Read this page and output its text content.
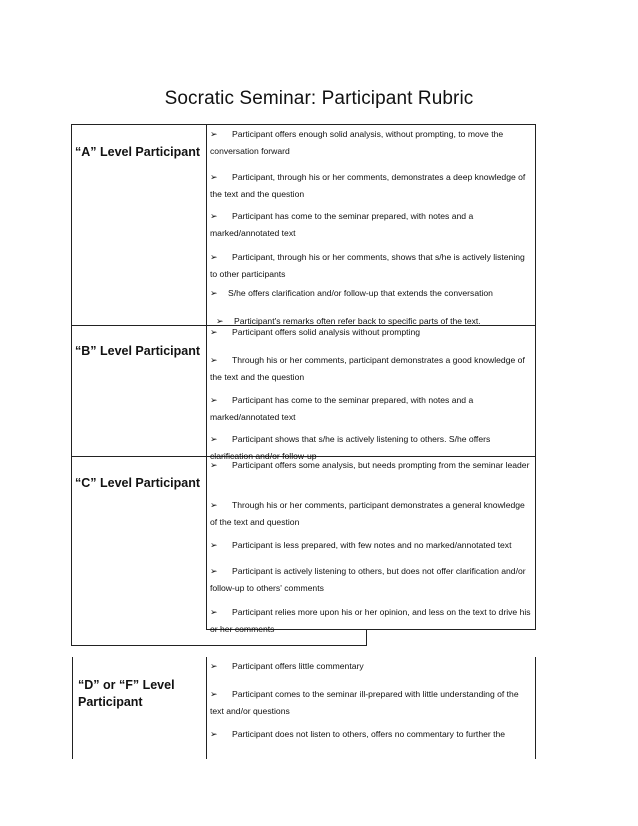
Socratic Seminar: Participant Rubric
“A” Level Participant
“B” Level Participant
“C” Level Participant
“D” or “F” Level Participant
➢ Participant offers enough solid analysis, without prompting, to move the conversation forward
➢ Participant, through his or her comments, demonstrates a deep knowledge of the text and the question
➢ Participant has come to the seminar prepared, with notes and a marked/annotated text
➢ Participant, through his or her comments, shows that s/he is actively listening to other participants
➢ S/he offers clarification and/or follow-up that extends the conversation
➢ Participant's remarks often refer back to specific parts of the text.
➢ Participant offers solid analysis without prompting
➢ Through his or her comments, participant demonstrates a good knowledge of the text and the question
➢ Participant has come to the seminar prepared, with notes and a marked/annotated text
➢ Participant shows that s/he is actively listening to others. S/he offers clarification and/or follow-up
➢ Participant offers some analysis, but needs prompting from the seminar leader
➢ Through his or her comments, participant demonstrates a general knowledge of the text and question
➢ Participant is less prepared, with few notes and no marked/annotated text
➢ Participant is actively listening to others, but does not offer clarification and/or follow-up to others' comments
➢ Participant relies more upon his or her opinion, and less on the text to drive his or her comments
➢ Participant offers little commentary
➢ Participant comes to the seminar ill-prepared with little understanding of the text and/or questions
➢ Participant does not listen to others, offers no commentary to further the
